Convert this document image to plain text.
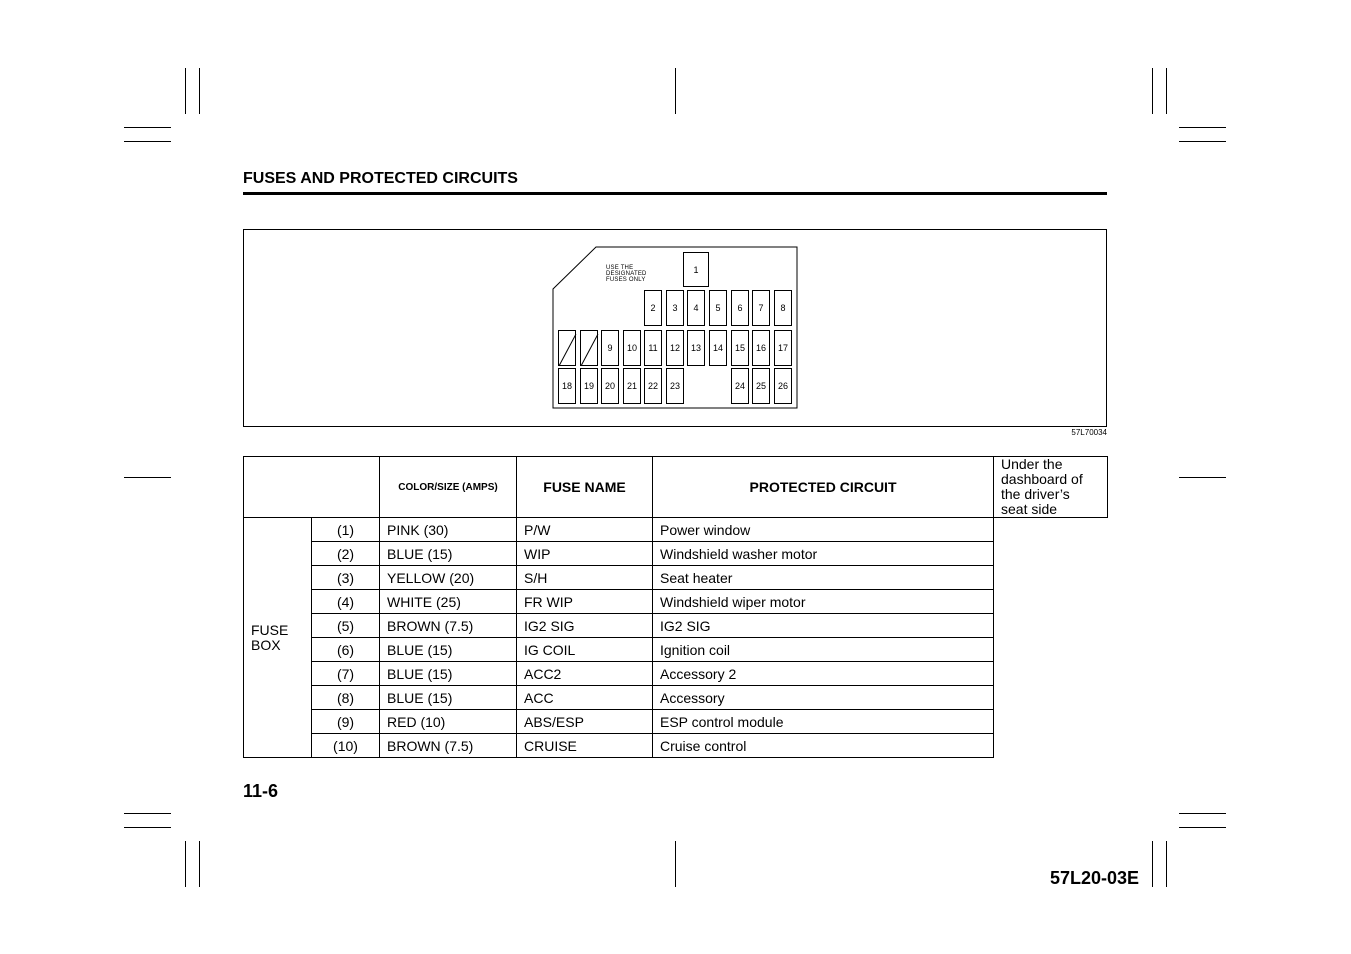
FUSES AND PROTECTED CIRCUITS
USE THE DESIGNATED
FUSES ONLY
1
2	3	4	5	6	7	8
9	10	11	12	13	14	15	16	17
18	19	20	21	22	23	24	25	26
57L70034
		COLOR/SIZE (AMPS)	FUSE NAME	PROTECTED CIRCUIT	Under the
dashboard of
the driver’s
seat side

FUSE
BOX	(1)	PINK (30)	P/W	Power window	
	(2)	BLUE (15)	WIP	Windshield washer motor	
	(3)	YELLOW (20)	S/H	Seat heater	
	(4)	WHITE (25)	FR WIP	Windshield wiper motor	
	(5)	BROWN (7.5)	IG2 SIG	IG2 SIG	
	(6)	BLUE (15)	IG COIL	Ignition coil	
	(7)	BLUE (15)	ACC2	Accessory 2	
	(8)	BLUE (15)	ACC	Accessory	
	(9)	RED (10)	ABS/ESP	ESP control module	
	(10)	BROWN (7.5)	CRUISE	Cruise control	
11-6
57L20-03E
